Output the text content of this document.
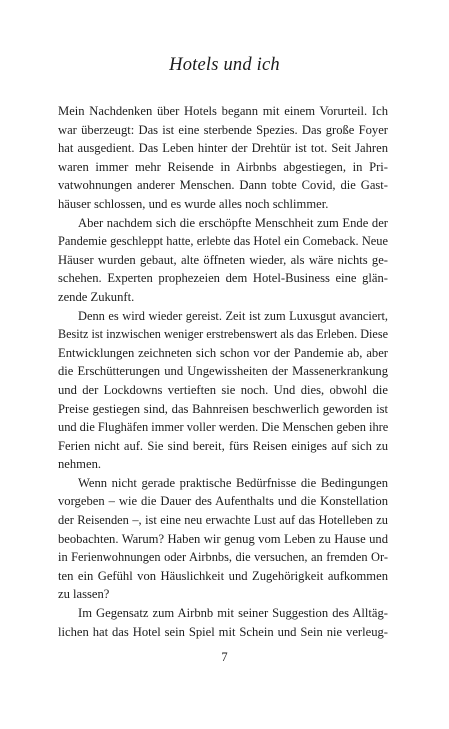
Hotels und ich
Mein Nachdenken über Hotels begann mit einem Vorurteil. Ich
war überzeugt: Das ist eine sterbende Spezies. Das große Foyer
hat ausgedient. Das Leben hinter der Drehtür ist tot. Seit Jahren
waren immer mehr Reisende in Airbnbs abgestiegen, in Pri-
vatwohnungen anderer Menschen. Dann tobte Covid, die Gast-
häuser schlossen, und es wurde alles noch schlimmer.
Aber nachdem sich die erschöpfte Menschheit zum Ende der
Pandemie geschleppt hatte, erlebte das Hotel ein Comeback. Neue
Häuser wurden gebaut, alte öffneten wieder, als wäre nichts ge-
schehen. Experten prophezeien dem Hotel-Business eine glän-
zende Zukunft.
Denn es wird wieder gereist. Zeit ist zum Luxusgut avanciert,
Besitz ist inzwischen weniger erstrebenswert als das Erleben. Diese
Entwicklungen zeichneten sich schon vor der Pandemie ab, aber
die Erschütterungen und Ungewissheiten der Massenerkrankung
und der Lockdowns vertieften sie noch. Und dies, obwohl die
Preise gestiegen sind, das Bahnreisen beschwerlich geworden ist
und die Flughäfen immer voller werden. Die Menschen geben ihre
Ferien nicht auf. Sie sind bereit, fürs Reisen einiges auf sich zu
nehmen.
Wenn nicht gerade praktische Bedürfnisse die Bedingungen
vorgeben – wie die Dauer des Aufenthalts und die Konstellation
der Reisenden –, ist eine neu erwachte Lust auf das Hotelleben zu
beobachten. Warum? Haben wir genug vom Leben zu Hause und
in Ferienwohnungen oder Airbnbs, die versuchen, an fremden Or-
ten ein Gefühl von Häuslichkeit und Zugehörigkeit aufkommen
zu lassen?
Im Gegensatz zum Airbnb mit seiner Suggestion des Alltäg-
lichen hat das Hotel sein Spiel mit Schein und Sein nie verleug-
7
